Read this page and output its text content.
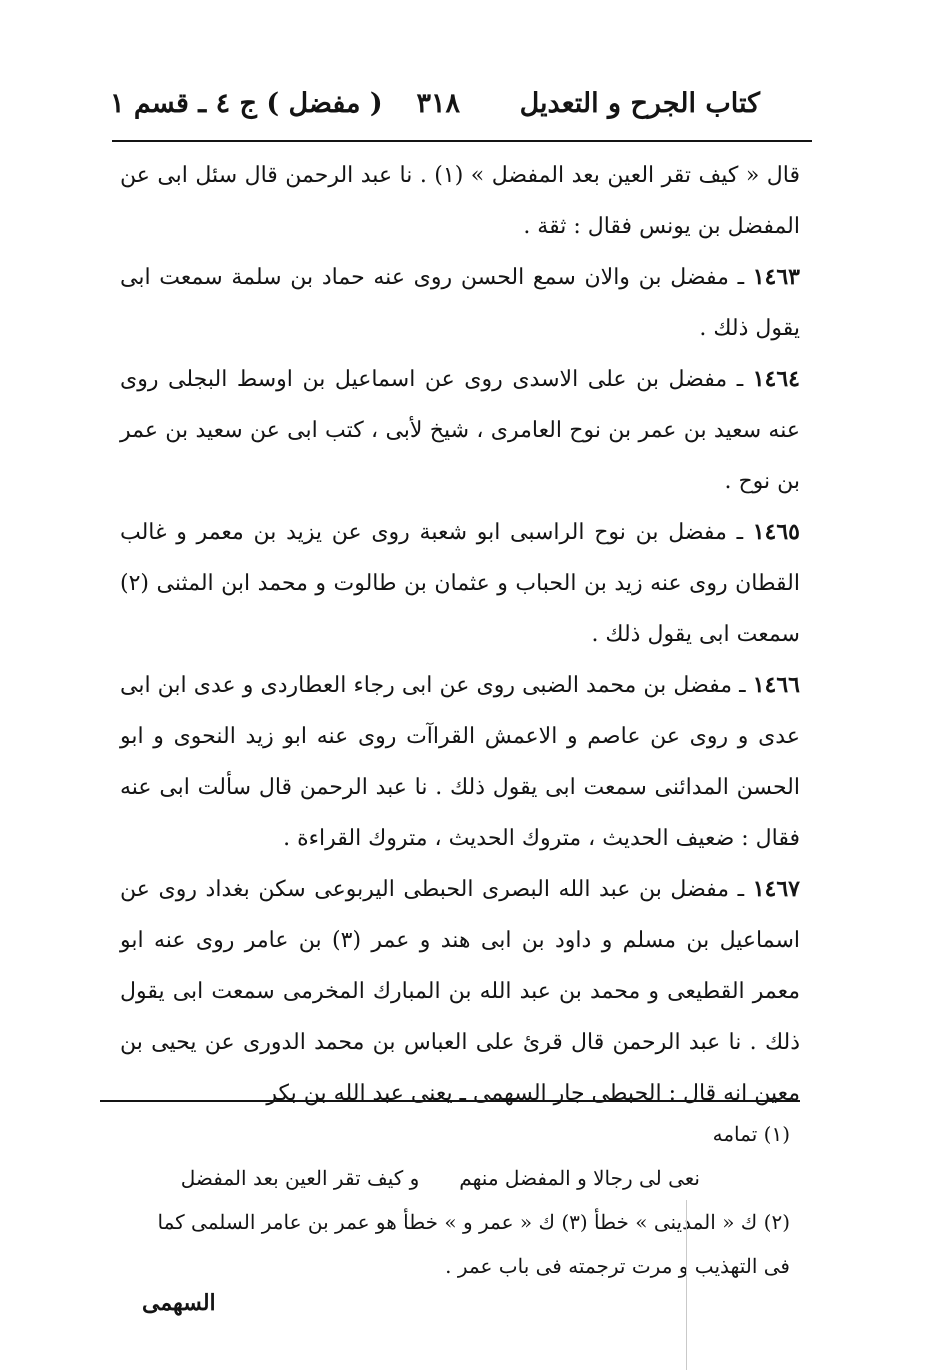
كتاب الجرح و التعديل
٣١٨
( مفضل ) ج ٤ ـ قسم ١

قال « كيف تقر العين بعد المفضل » (١) . نا عبد الرحمن قال سئل ابى عن المفضل بن يونس فقال : ثقة .

١٤٦٣ ـ مفضل بن والان سمع الحسن روى عنه حماد بن سلمة سمعت ابى يقول ذلك .

١٤٦٤ ـ مفضل بن على الاسدى روى عن اسماعيل بن اوسط البجلى روى عنه سعيد بن عمر بن نوح العامرى ، شيخ لأبى ، كتب ابى عن سعيد بن عمر بن نوح .

١٤٦٥ ـ مفضل بن نوح الراسبى ابو شعبة روى عن يزيد بن معمر و غالب القطان روى عنه زيد بن الحباب و عثمان بن طالوت و محمد ابن المثنى (٢) سمعت ابى يقول ذلك .

١٤٦٦ ـ مفضل بن محمد الضبى روى عن ابى رجاء العطاردى و عدى ابن ابى عدى و روى عن عاصم و الاعمش القراآت روى عنه ابو زيد النحوى و ابو الحسن المدائنى سمعت ابى يقول ذلك . نا عبد الرحمن قال سألت ابى عنه فقال : ضعيف الحديث ، متروك الحديث ، متروك القراءة .

١٤٦٧ ـ مفضل بن عبد الله البصرى الحبطى اليربوعى سكن بغداد روى عن اسماعيل بن مسلم و داود بن ابى هند و عمر (٣) بن عامر روى عنه ابو معمر القطيعى و محمد بن عبد الله بن المبارك المخرمى سمعت ابى يقول ذلك . نا عبد الرحمن قال قرئ على العباس بن محمد الدورى عن يحيى بن معين انه قال : الحبطى جار السهمى ـ يعنى عبد الله بن بكر

(١) تمامه

نعى لى رجالا و المفضل منهمو كيف تقر العين بعد المفضل

(٢) ك « المدينى » خطأ (٣) ك « عمر و » خطأ هو عمر بن عامر السلمى كما فى التهذيب و مرت ترجمته فى باب عمر .

السهمى
